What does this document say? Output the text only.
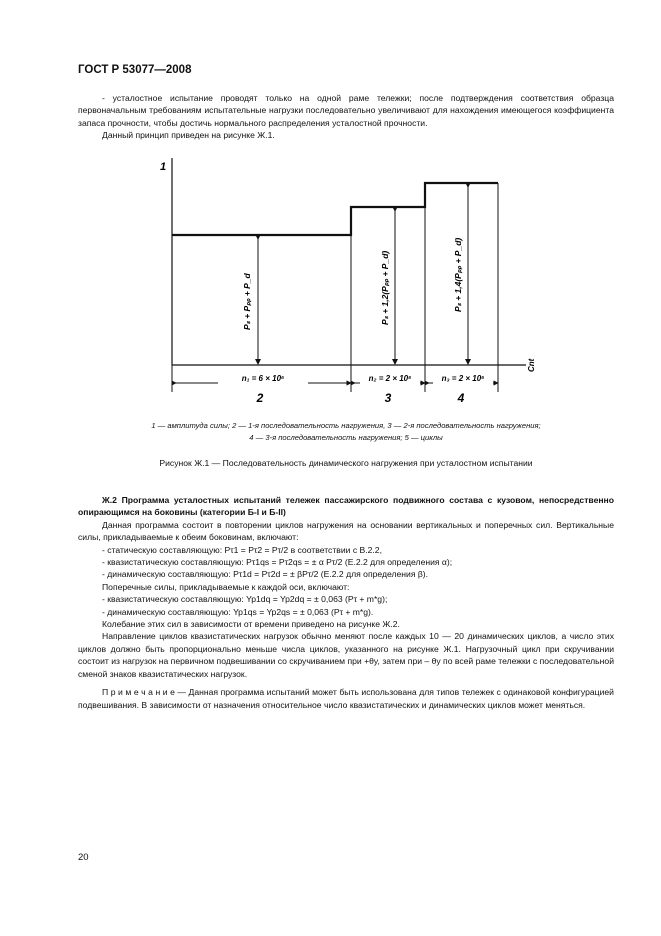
ГОСТ Р 53077—2008

- усталостное испытание проводят только на одной раме тележки; после подтверждения соответствия образца первоначальным требованиям испытательные нагрузки последовательно увеличивают для нахождения имеющегося коэффициента запаса прочности, чтобы достичь нормального распределения усталостной прочности.

Данный принцип приведен на рисунке Ж.1.

1
Cnt
Pₛ + Pₚₚ + P_d	Pₛ + 1,2(Pₚₚ + P_d)	Pₛ + 1,4(Pₚₚ + P_d)
n₁ = 6 × 10⁶	n₂ = 2 × 10⁶	n₃ = 2 × 10⁶
2	3	4
1 — амплитуда силы; 2 — 1-я последовательность нагружения, 3 — 2-я последовательность нагружения;
4 — 3-я последовательность нагружения; 5 — циклы
Рисунок Ж.1 — Последовательность динамического нагружения при усталостном испытании

Ж.2 Программа усталостных испытаний тележек пассажирского подвижного состава с кузовом, непосредственно опирающимся на боковины (категории Б-I и Б-II)

Данная программа состоит в повторении циклов нагружения на основании вертикальных и поперечных сил. Вертикальные силы, прикладываемые к обеим боковинам, включают:

- статическую составляющую: Pτ1 = Pτ2 = Pτ/2 в соответствии с В.2.2,

- квазистатическую составляющую: Pτ1qs = Pτ2qs = ± α Pτ/2 (Е.2.2 для определения α);

- динамическую составляющую: Pτ1d = Pτ2d = ± βPτ/2 (Е.2.2 для определения β).

Поперечные силы, прикладываемые к каждой оси, включают:

- квазистатическую составляющую: Yp1dq = Yp2dq = ± 0,063 (Pτ + m*g);

- динамическую составляющую: Yp1qs = Yp2qs = ± 0,063 (Pτ + m*g).

Колебание этих сил в зависимости от времени приведено на рисунке Ж.2.

Направление циклов квазистатических нагрузок обычно меняют после каждых 10 — 20 динамических циклов, а число этих циклов должно быть пропорционально меньше числа циклов, указанного на рисунке Ж.1. Нагрузочный цикл при скручивании состоит из нагрузок на первичном подвешивании со скручиванием при +θy, затем при – θy по всей раме тележки с последовательной сменой знаков квазистатических нагрузок.

П р и м е ч а н и е — Данная программа испытаний может быть использована для типов тележек с одинаковой конфигурацией подвешивания. В зависимости от назначения относительное число квазистатических и динамических циклов может меняться.

20
